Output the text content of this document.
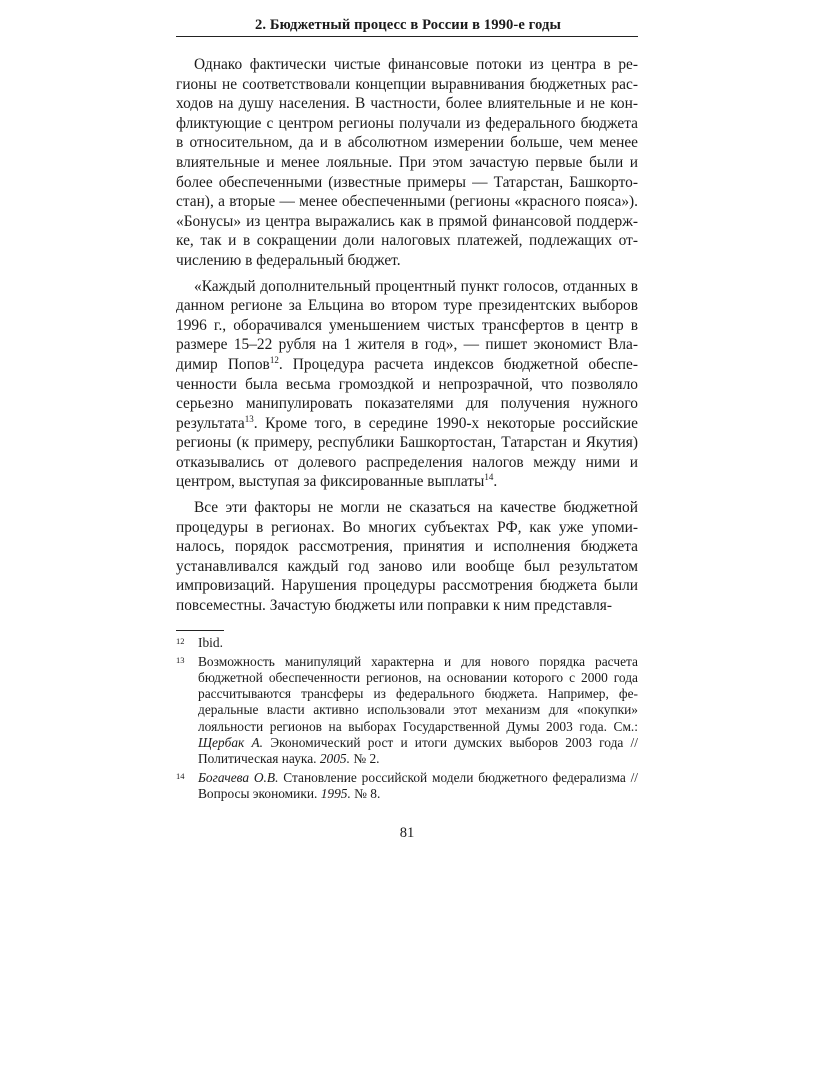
2. Бюджетный процесс в России в 1990-е годы

Однако фактически чистые финансовые потоки из центра в регионы не соответствовали концепции выравнивания бюджетных расходов на душу населения. В частности, более влиятельные и не конфликтующие с центром регионы получали из федерального бюджета в относительном, да и в абсолютном измерении больше, чем менее влиятельные и менее лояльные. При этом зачастую первые были и более обеспеченными (известные примеры — Татарстан, Башкортостан), а вторые — менее обеспеченными (регионы «красного пояса»). «Бонусы» из центра выражались как в прямой финансовой поддержке, так и в сокращении доли налоговых платежей, подлежащих отчислению в федеральный бюджет.

«Каждый дополнительный процентный пункт голосов, отданных в данном регионе за Ельцина во втором туре президентских выборов 1996 г., оборачивался уменьшением чистых трансфертов в центр в размере 15–22 рубля на 1 жителя в год», — пишет экономист Владимир Попов$^{12}$. Процедура расчета индексов бюджетной обеспеченности была весьма громоздкой и непрозрачной, что позволяло серьезно манипулировать показателями для получения нужного результата$^{13}$. Кроме того, в середине 1990-х некоторые российские регионы (к примеру, республики Башкортостан, Татарстан и Якутия) отказывались от долевого распределения налогов между ними и центром, выступая за фиксированные выплаты$^{14}$.

Все эти факторы не могли не сказаться на качестве бюджетной процедуры в регионах. Во многих субъектах РФ, как уже упоминалось, порядок рассмотрения, принятия и исполнения бюджета устанавливался каждый год заново или вообще был результатом импровизаций. Нарушения процедуры рассмотрения бюджета были повсеместны. Зачастую бюджеты или поправки к ним представля-

12 Ibid.
13 Возможность манипуляций характерна и для нового порядка расчета бюджетной обеспеченности регионов, на основании которого с 2000 года рассчитываются трансферы из федерального бюджета. Например, федеральные власти активно использовали этот механизм для «покупки» лояльности регионов на выборах Государственной Думы 2003 года. См.: Щербак А. Экономический рост и итоги думских выборов 2003 года // Политическая наука. 2005. № 2.
14 Богачева О.В. Становление российской модели бюджетного федерализма // Вопросы экономики. 1995. № 8.
81
